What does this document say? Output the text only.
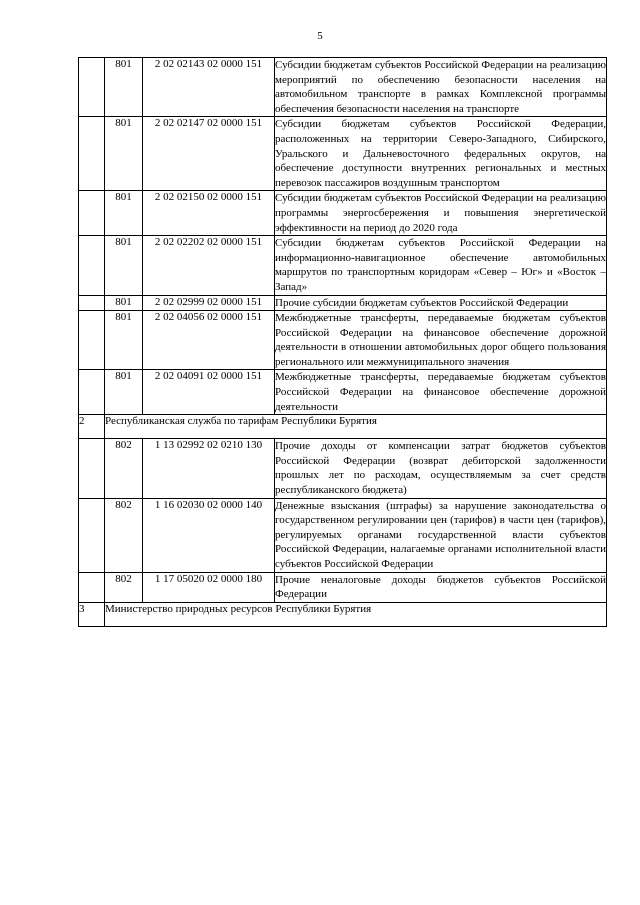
5
	801	2 02 02143 02 0000 151	Субсидии бюджетам субъектов Российской Федерации на реализацию мероприятий по обеспечению безопасности населения на автомобильном транспорте в рамках Комплексной программы обеспечения безопасности населения на транспорте
	801	2 02 02147 02 0000 151	Субсидии бюджетам субъектов Российской Федерации, расположенных на территории Северо-Западного, Сибирского, Уральского и Дальневосточного федеральных округов, на обеспечение доступности внутренних региональных и местных перевозок пассажиров воздушным транспортом
	801	2 02 02150 02 0000 151	Субсидии бюджетам субъектов Российской Федерации на реализацию программы энергосбережения и повышения энергетической эффективности на период до 2020 года
	801	2 02 02202 02 0000 151	Субсидии бюджетам субъектов Российской Федерации на информационно-навигационное обеспечение автомобильных маршрутов по транспортным коридорам «Север – Юг» и «Восток – Запад»
	801	2 02 02999 02 0000 151	Прочие субсидии бюджетам субъектов Российской Федерации
	801	2 02 04056 02 0000 151	Межбюджетные трансферты, передаваемые бюджетам субъектов Российской Федерации на финансовое обеспечение дорожной деятельности в отношении автомобильных дорог общего пользования регионального или межмуниципального значения
	801	2 02 04091 02 0000 151	Межбюджетные трансферты, передаваемые бюджетам субъектов Российской Федерации на финансовое обеспечение дорожной деятельности
2	Республиканская служба по тарифам Республики Бурятия		
	802	1 13 02992 02 0210 130	Прочие доходы от компенсации затрат бюджетов субъектов Российской Федерации (возврат дебиторской задолженности прошлых лет по расходам, осуществляемым за счет средств республиканского бюджета)
	802	1 16 02030 02 0000 140	Денежные взыскания (штрафы) за нарушение законодательства о государственном регулировании цен (тарифов) в части цен (тарифов), регулируемых органами государственной власти субъектов Российской Федерации, налагаемые органами исполнительной власти субъектов Российской Федерации
	802	1 17 05020 02 0000 180	Прочие неналоговые доходы бюджетов субъектов Российской Федерации
3	Министерство природных ресурсов Республики Бурятия		
